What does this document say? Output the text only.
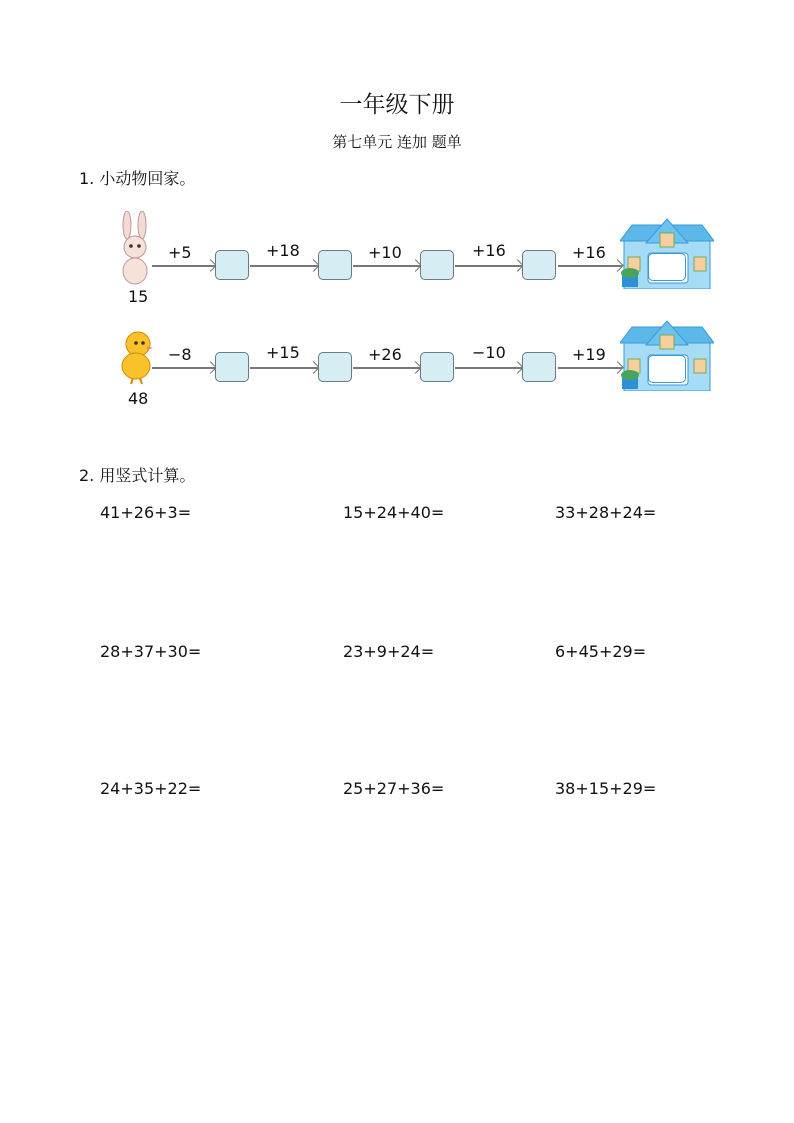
一年级下册
第七单元 连加 题单
1. 小动物回家。
2. 用竖式计算。
15
+5	+18	+10	+16	+16
48
−8	+15	+26	−10	+19
41+26+3=	15+24+40=	33+28+24=
28+37+30=	23+9+24=	6+45+29=
24+35+22=	25+27+36=	38+15+29=
